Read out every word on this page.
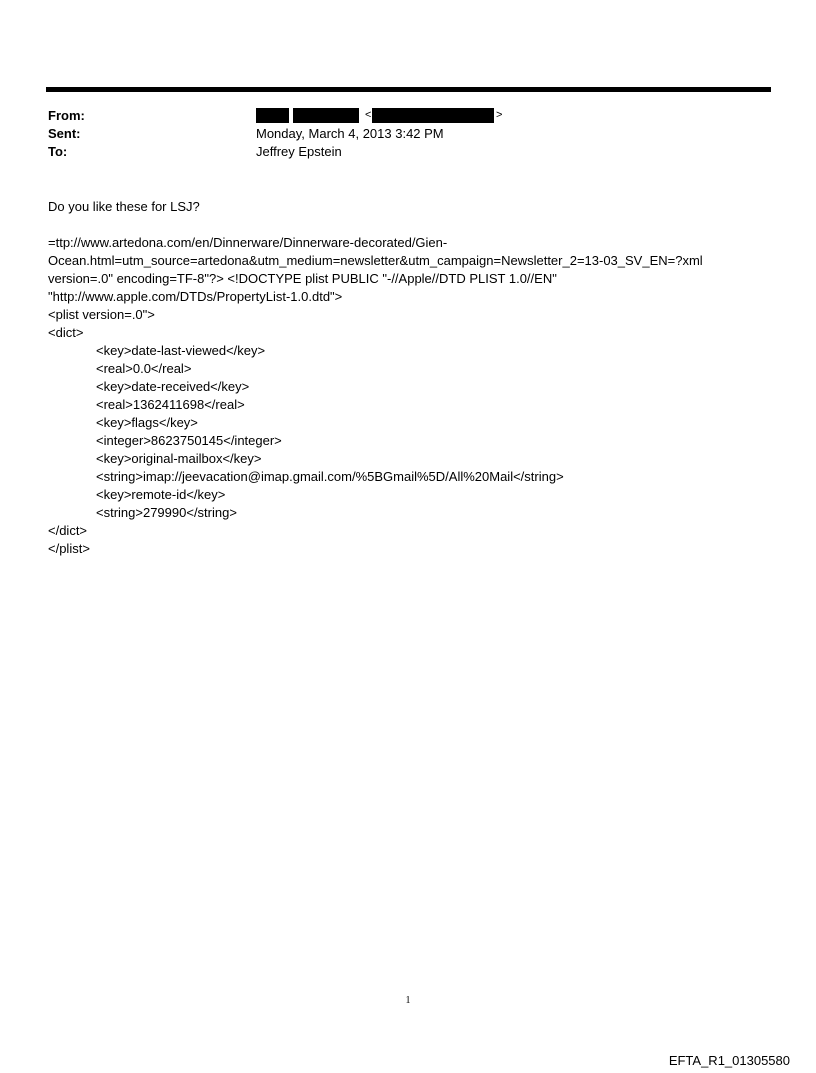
From:
Sent:
To:
<	>
Monday, March 4, 2013 3:42 PM
Jeffrey Epstein
Do you like these for LSJ?
=ttp://www.artedona.com/en/Dinnerware/Dinnerware-decorated/Gien-
Ocean.html=utm_source=artedona&utm_medium=newsletter&utm_campaign=Newsletter_2=13-03_SV_EN=?xml
version=.0" encoding=TF-8"?> <!DOCTYPE plist PUBLIC "-//Apple//DTD PLIST 1.0//EN"
"http://www.apple.com/DTDs/PropertyList-1.0.dtd">
<plist version=.0">
<dict>
<key>date-last-viewed</key>
<real>0.0</real>
<key>date-received</key>
<real>1362411698</real>
<key>flags</key>
<integer>8623750145</integer>
<key>original-mailbox</key>
<string>imap://jeevacation@imap.gmail.com/%5BGmail%5D/All%20Mail</string>
<key>remote-id</key>
<string>279990</string>
</dict>
</plist>
1
EFTA_R1_01305580
